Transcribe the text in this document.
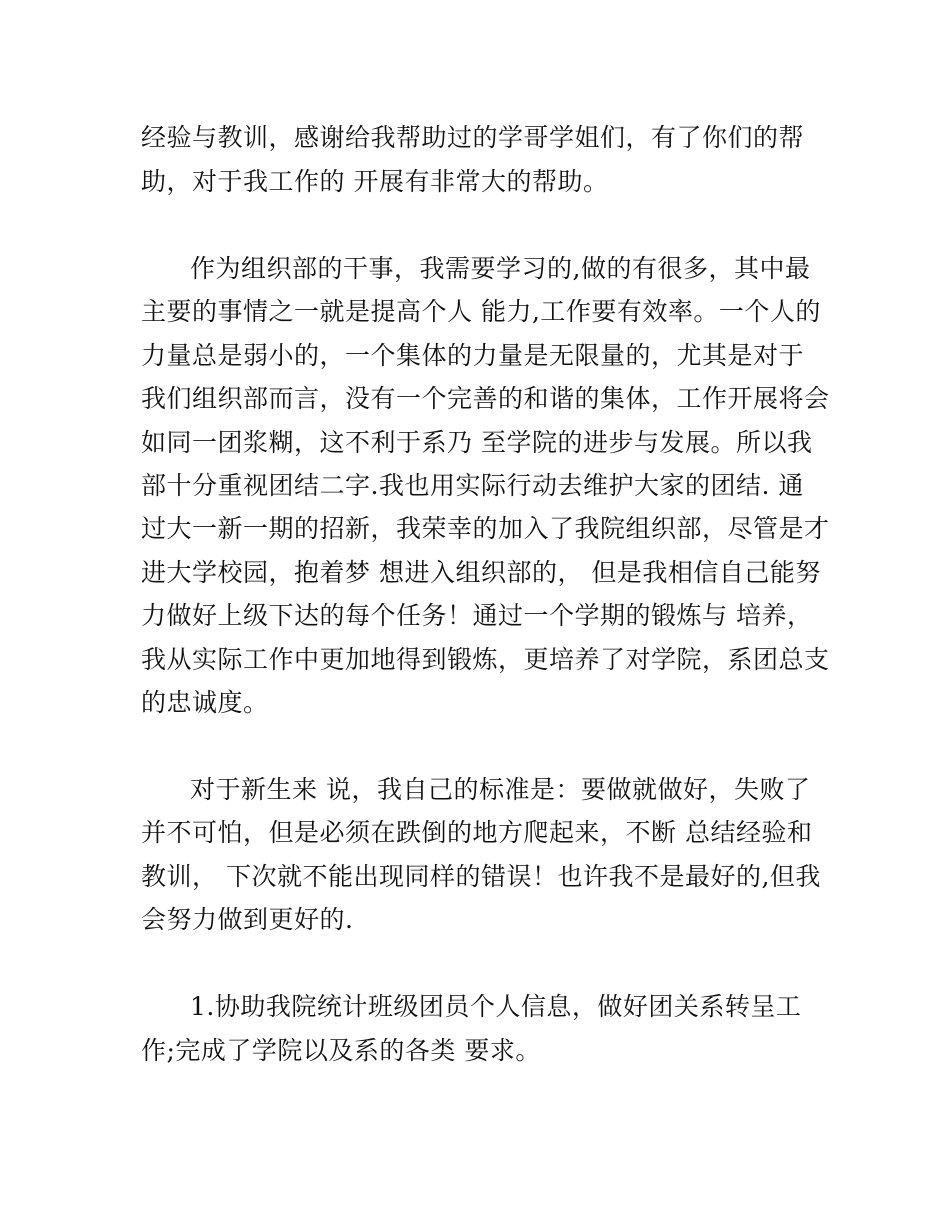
经验与教训，感谢给我帮助过的学哥学姐们，有了你们的帮

助，对于我工作的 开展有非常大的帮助。

作为组织部的干事，我需要学习的,做的有很多，其中最

主要的事情之一就是提高个人 能力,工作要有效率。一个人的

力量总是弱小的，一个集体的力量是无限量的，尤其是对于

我们组织部而言，没有一个完善的和谐的集体，工作开展将会

如同一团浆糊，这不利于系乃 至学院的进步与发展。所以我

部十分重视团结二字.我也用实际行动去维护大家的团结. 通

过大一新一期的招新，我荣幸的加入了我院组织部，尽管是才

进大学校园，抱着梦 想进入组织部的， 但是我相信自己能努

力做好上级下达的每个任务！通过一个学期的锻炼与 培养，

我从实际工作中更加地得到锻炼，更培养了对学院，系团总支

的忠诚度。

对于新生来 说，我自己的标准是：要做就做好，失败了

并不可怕，但是必须在跌倒的地方爬起来，不断 总结经验和

教训， 下次就不能出现同样的错误！也许我不是最好的,但我

会努力做到更好的.

1.协助我院统计班级团员个人信息，做好团关系转呈工

作;完成了学院以及系的各类 要求。
